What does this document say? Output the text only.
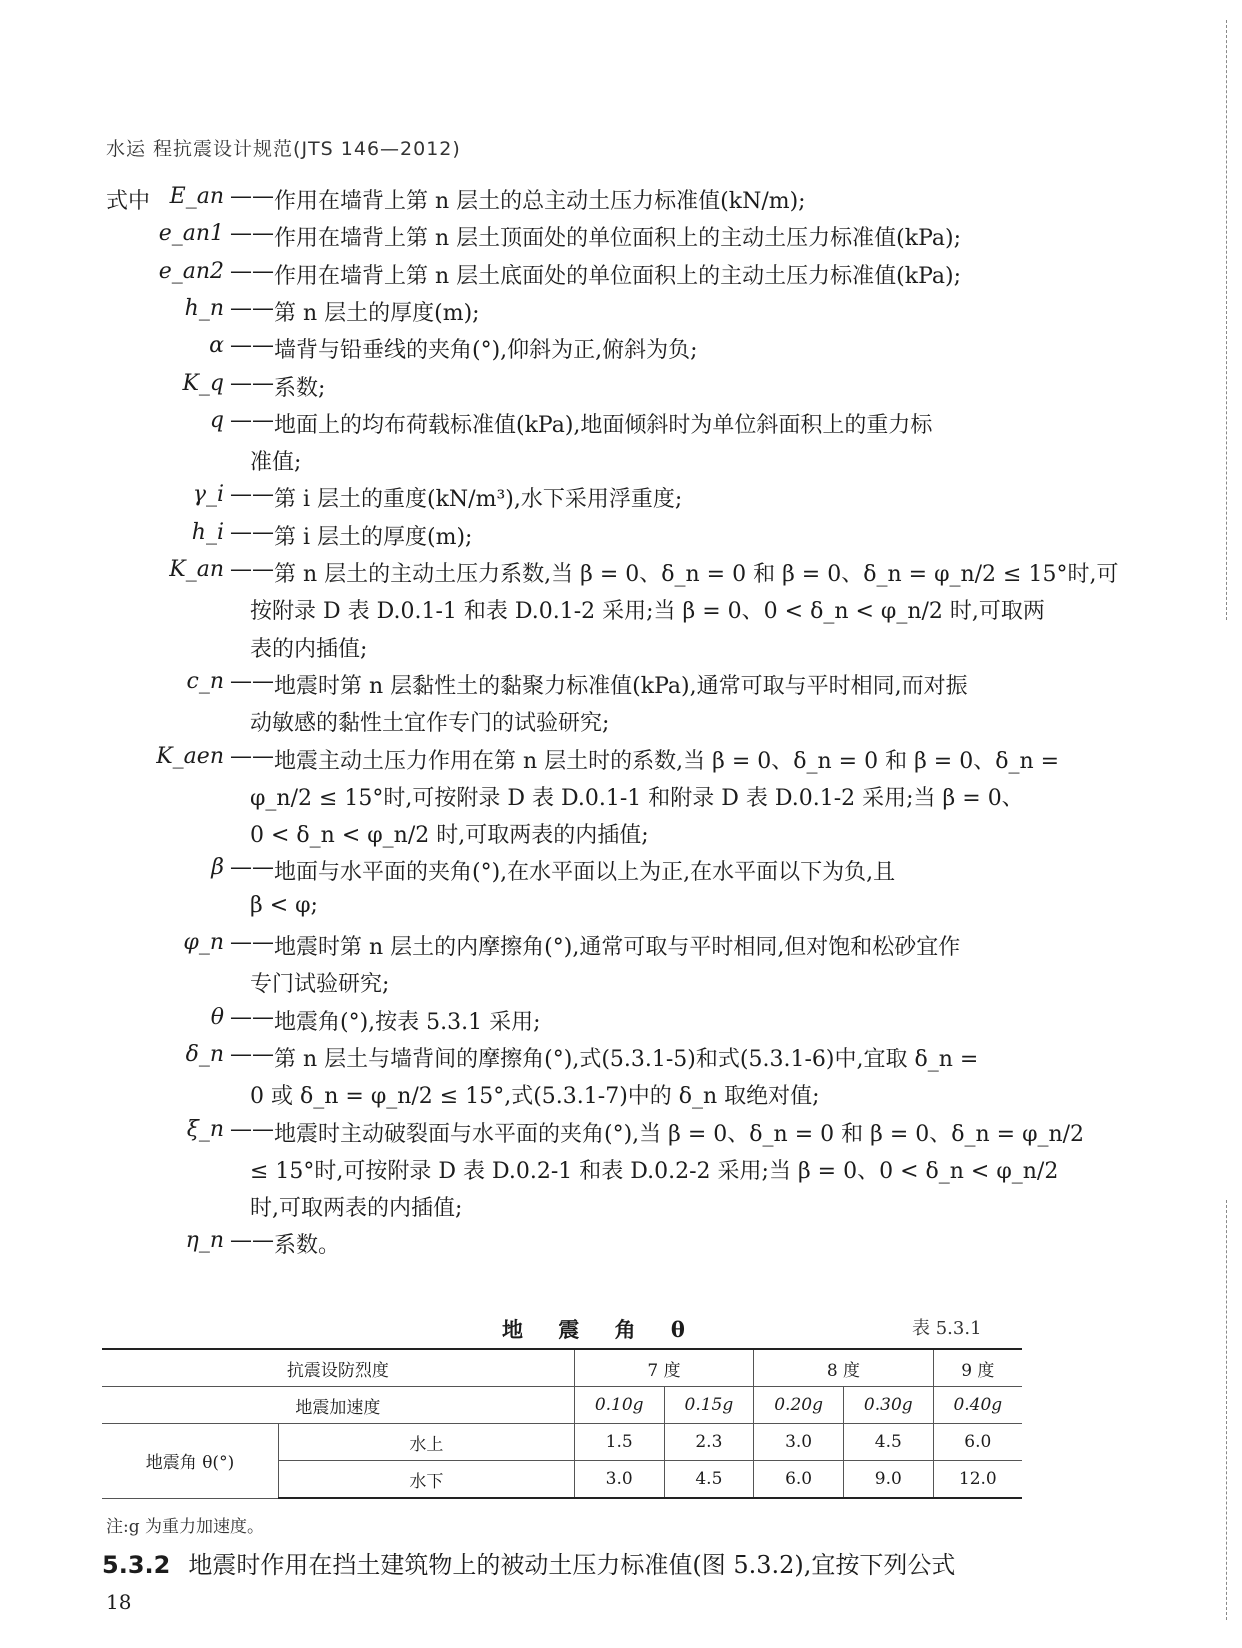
水运 程抗震设计规范(JTS 146—2012)
式中 E_an —— 作用在墙背上第 n 层土的总主动土压力标准值(kN/m);
e_an1 —— 作用在墙背上第 n 层土顶面处的单位面积上的主动土压力标准值(kPa);
e_an2 —— 作用在墙背上第 n 层土底面处的单位面积上的主动土压力标准值(kPa);
h_n —— 第 n 层土的厚度(m);
α —— 墙背与铅垂线的夹角(°),仰斜为正,俯斜为负;
K_q —— 系数;
q —— 地面上的均布荷载标准值(kPa),地面倾斜时为单位斜面积上的重力标
准值;
γ_i —— 第 i 层土的重度(kN/m³),水下采用浮重度;
h_i —— 第 i 层土的厚度(m);
K_an —— 第 n 层土的主动土压力系数,当 β = 0、δ_n = 0 和 β = 0、δ_n = φ_n/2 ≤ 15°时,可
按附录 D 表 D.0.1-1 和表 D.0.1-2 采用;当 β = 0、0 < δ_n < φ_n/2 时,可取两
表的内插值;
c_n —— 地震时第 n 层黏性土的黏聚力标准值(kPa),通常可取与平时相同,而对振
动敏感的黏性土宜作专门的试验研究;
K_aen —— 地震主动土压力作用在第 n 层土时的系数,当 β = 0、δ_n = 0 和 β = 0、δ_n =
φ_n/2 ≤ 15°时,可按附录 D 表 D.0.1-1 和附录 D 表 D.0.1-2 采用;当 β = 0、
0 < δ_n < φ_n/2 时,可取两表的内插值;
β —— 地面与水平面的夹角(°),在水平面以上为正,在水平面以下为负,且
β < φ;
φ_n —— 地震时第 n 层土的内摩擦角(°),通常可取与平时相同,但对饱和松砂宜作
专门试验研究;
θ —— 地震角(°),按表 5.3.1 采用;
δ_n —— 第 n 层土与墙背间的摩擦角(°),式(5.3.1-5)和式(5.3.1-6)中,宜取 δ_n =
0 或 δ_n = φ_n/2 ≤ 15°,式(5.3.1-7)中的 δ_n 取绝对值;
ξ_n —— 地震时主动破裂面与水平面的夹角(°),当 β = 0、δ_n = 0 和 β = 0、δ_n = φ_n/2
≤ 15°时,可按附录 D 表 D.0.2-1 和表 D.0.2-2 采用;当 β = 0、0 < δ_n < φ_n/2
时,可取两表的内插值;
η_n —— 系数。
地 震 角 θ	表 5.3.1
抗震设防烈度		7 度		8 度		9 度
地震加速度		0.10g	0.15g	0.20g	0.30g	0.40g
地震角 θ(°)	水上	1.5	2.3	3.0	4.5	6.0
	水下	3.0	4.5	6.0	9.0	12.0
注:g 为重力加速度。
5.3.2 地震时作用在挡土建筑物上的被动土压力标准值(图 5.3.2),宜按下列公式
18
